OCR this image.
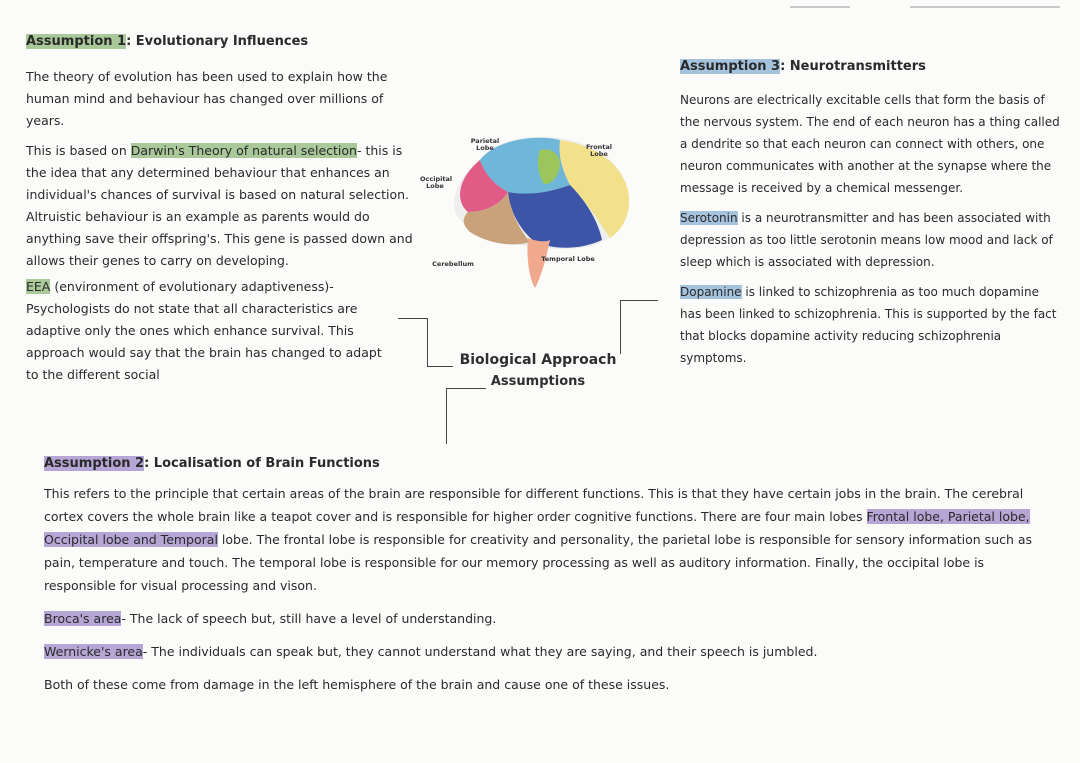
Assumption 1: Evolutionary Influences

The theory of evolution has been used to explain how the human mind and behaviour has changed over millions of years.

This is based on Darwin's Theory of natural selection- this is the idea that any determined behaviour that enhances an individual's chances of survival is based on natural selection. Altruistic behaviour is an example as parents would do anything save their offspring's. This gene is passed down and allows their genes to carry on developing.

EEA (environment of evolutionary adaptiveness)- Psychologists do not state that all characteristics are adaptive only the ones which enhance survival. This approach would say that the brain has changed to adapt to the different social

Parietal Lobe	Frontal Lobe
Occipital Lobe
Cerebellum
Temporal Lobe
Biological Approach
Assumptions
Assumption 3: Neurotransmitters

Neurons are electrically excitable cells that form the basis of the nervous system. The end of each neuron has a thing called a dendrite so that each neuron can connect with others, one neuron communicates with another at the synapse where the message is received by a chemical messenger.

Serotonin is a neurotransmitter and has been associated with depression as too little serotonin means low mood and lack of sleep which is associated with depression.

Dopamine is linked to schizophrenia as too much dopamine has been linked to schizophrenia. This is supported by the fact that blocks dopamine activity reducing schizophrenia symptoms.

Assumption 2: Localisation of Brain Functions

This refers to the principle that certain areas of the brain are responsible for different functions. This is that they have certain jobs in the brain. The cerebral cortex covers the whole brain like a teapot cover and is responsible for higher order cognitive functions. There are four main lobes Frontal lobe, Parietal lobe, Occipital lobe and Temporal lobe. The frontal lobe is responsible for creativity and personality, the parietal lobe is responsible for sensory information such as pain, temperature and touch. The temporal lobe is responsible for our memory processing as well as auditory information. Finally, the occipital lobe is responsible for visual processing and vison.

Broca's area- The lack of speech but, still have a level of understanding.

Wernicke's area- The individuals can speak but, they cannot understand what they are saying, and their speech is jumbled.

Both of these come from damage in the left hemisphere of the brain and cause one of these issues.
